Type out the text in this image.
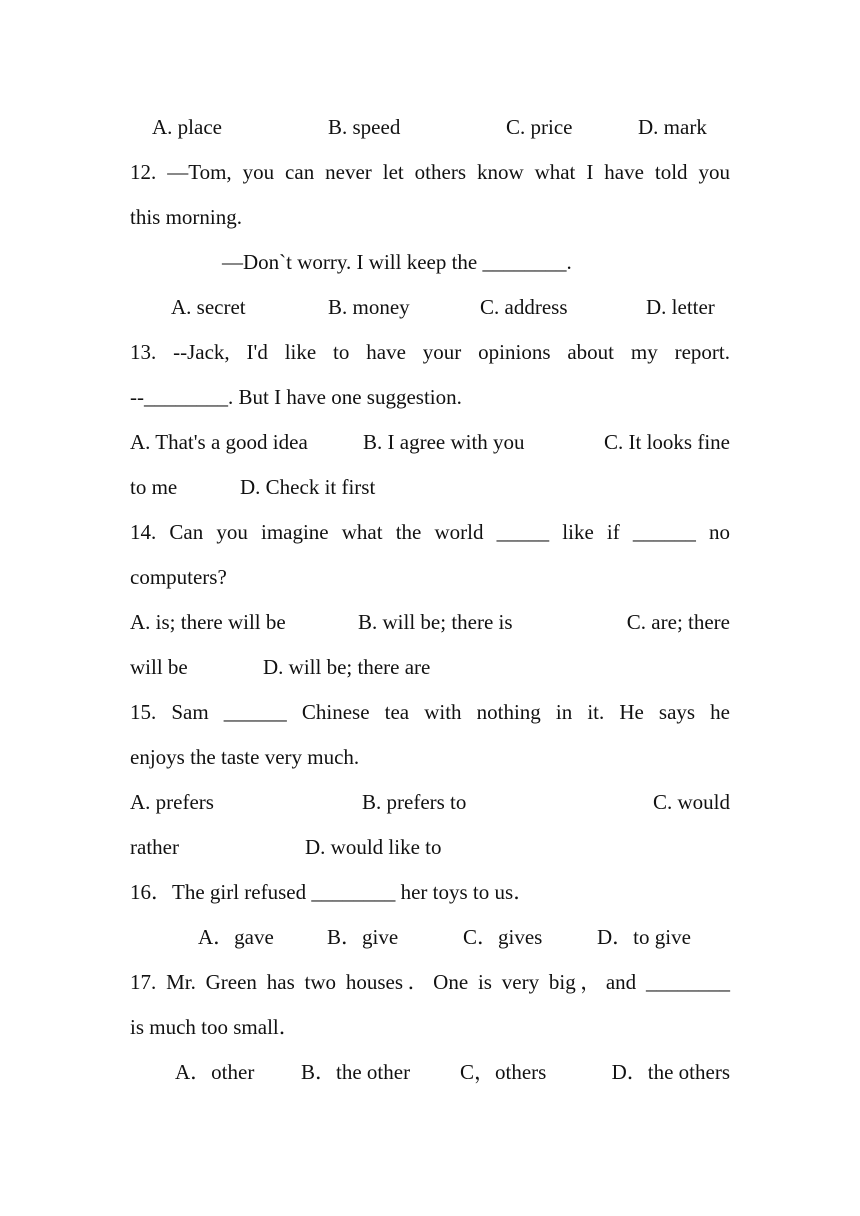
A. place	B. speed	C. price	D. mark
12. —Tom, you can never let others know what I have told you
this morning.
—Don`t worry. I will keep the ________.
A. secret	B. money	C. address	D. letter
13. --Jack, I'd like to have your opinions about my report.
--________. But I have one suggestion.
A. That's a good idea	B. I agree with you	C. It looks fine
to me	D. Check it first
14. Can you imagine what the world _____ like if ______ no
computers?
A. is; there will be	B. will be; there is	C. are; there
will be	D. will be; there are
15. Sam ______ Chinese tea with nothing in it. He says he
enjoys the taste very much.
A. prefers	B. prefers to	C. would
rather	D. would like to
16．The girl refused ________ her toys to us．
A．gave	B．give	C．gives	D．to give
17. Mr. Green has two houses．One is very big，and ________
is much too small．
A．other B．the other C，others	D．the others
